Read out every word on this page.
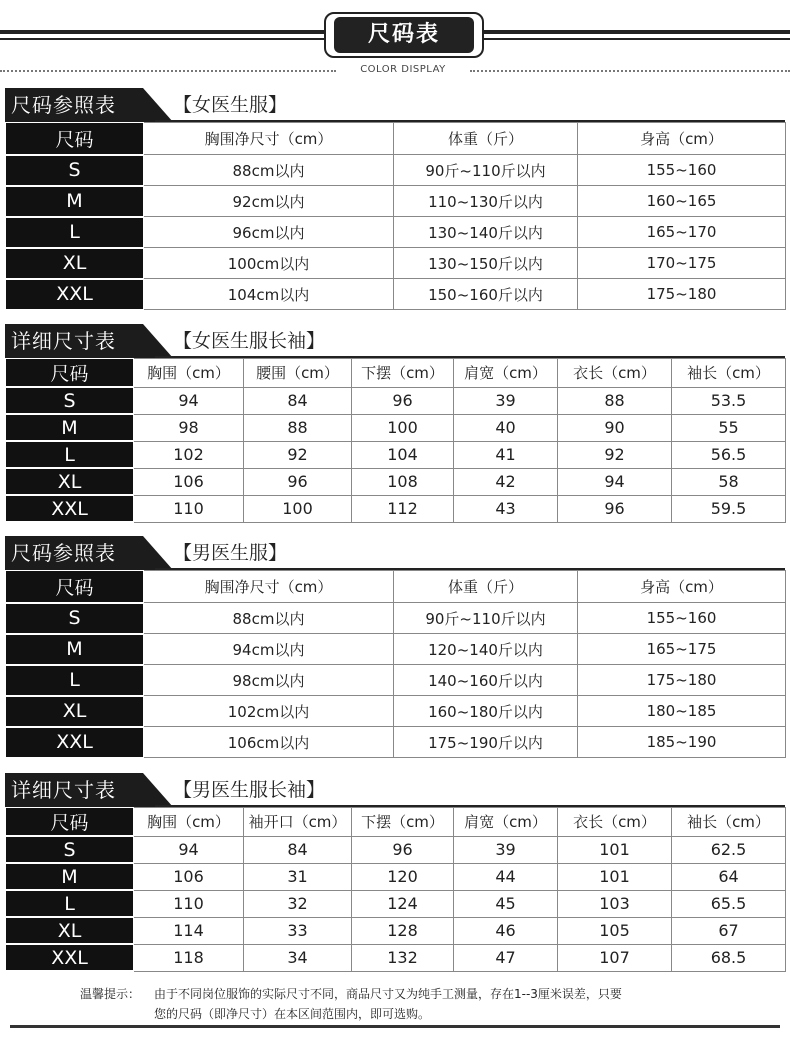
尺码表
COLOR DISPLAY
尺码参照表	【女医生服】
尺码	胸围净尺寸（cm）	体重（斤）	身高（cm）
S	88cm以内	90斤~110斤以内	155~160
M	92cm以内	110~130斤以内	160~165
L	96cm以内	130~140斤以内	165~170
XL	100cm以内	130~150斤以内	170~175
XXL	104cm以内	150~160斤以内	175~180
详细尺寸表	【女医生服长袖】
尺码	胸围（cm）	腰围（cm）	下摆（cm）	肩宽（cm）	衣长（cm）	袖长（cm）
S	94	84	96	39	88	53.5
M	98	88	100	40	90	55
L	102	92	104	41	92	56.5
XL	106	96	108	42	94	58
XXL	110	100	112	43	96	59.5
尺码参照表	【男医生服】
尺码	胸围净尺寸（cm）	体重（斤）	身高（cm）
S	88cm以内	90斤~110斤以内	155~160
M	94cm以内	120~140斤以内	165~175
L	98cm以内	140~160斤以内	175~180
XL	102cm以内	160~180斤以内	180~185
XXL	106cm以内	175~190斤以内	185~190
详细尺寸表	【男医生服长袖】
尺码	胸围（cm）	袖开口（cm）	下摆（cm）	肩宽（cm）	衣长（cm）	袖长（cm）
S	94	84	96	39	101	62.5
M	106	31	120	44	101	64
L	110	32	124	45	103	65.5
XL	114	33	128	46	105	67
XXL	118	34	132	47	107	68.5
温馨提示： 由于不同岗位服饰的实际尺寸不同，商品尺寸又为纯手工测量，存在1--3厘米误差，只要
您的尺码（即净尺寸）在本区间范围内，即可选购。
